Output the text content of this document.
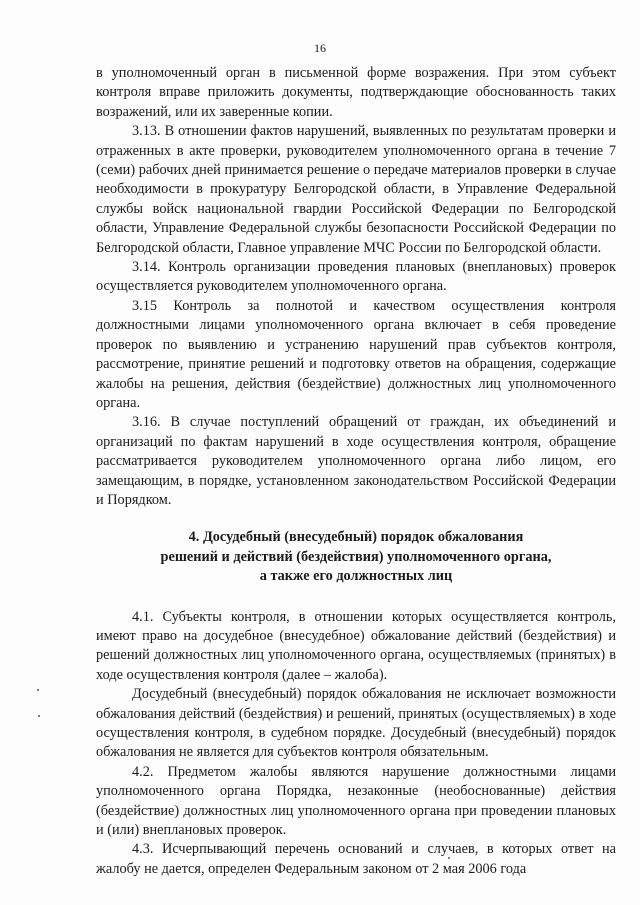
16

в уполномоченный орган в письменной форме возражения. При этом субъект контроля вправе приложить документы, подтверждающие обоснованность таких возражений, или их заверенные копии.

3.13. В отношении фактов нарушений, выявленных по результатам проверки и отраженных в акте проверки, руководителем уполномоченного органа в течение 7 (семи) рабочих дней принимается решение о передаче материалов проверки в случае необходимости в прокуратуру Белгородской области, в Управление Федеральной службы войск национальной гвардии Российской Федерации по Белгородской области, Управление Федеральной службы безопасности Российской Федерации по Белгородской области, Главное управление МЧС России по Белгородской области.

3.14. Контроль организации проведения плановых (внеплановых) проверок осуществляется руководителем уполномоченного органа.

3.15 Контроль за полнотой и качеством осуществления контроля должностными лицами уполномоченного органа включает в себя проведение проверок по выявлению и устранению нарушений прав субъектов контроля, рассмотрение, принятие решений и подготовку ответов на обращения, содержащие жалобы на решения, действия (бездействие) должностных лиц уполномоченного органа.

3.16. В случае поступлений обращений от граждан, их объединений и организаций по фактам нарушений в ходе осуществления контроля, обращение рассматривается руководителем уполномоченного органа либо лицом, его замещающим, в порядке, установленном законодательством Российской Федерации и Порядком.

4. Досудебный (внесудебный) порядок обжалования
решений и действий (бездействия) уполномоченного органа,
а также его должностных лиц

4.1. Субъекты контроля, в отношении которых осуществляется контроль, имеют право на досудебное (внесудебное) обжалование действий (бездействия) и решений должностных лиц уполномоченного органа, осуществляемых (принятых) в ходе осуществления контроля (далее – жалоба).

Досудебный (внесудебный) порядок обжалования не исключает возможности обжалования действий (бездействия) и решений, принятых (осуществляемых) в ходе осуществления контроля, в судебном порядке. Досудебный (внесудебный) порядок обжалования не является для субъектов контроля обязательным.

4.2. Предметом жалобы являются нарушение должностными лицами уполномоченного органа Порядка, незаконные (необоснованные) действия (бездействие) должностных лиц уполномоченного органа при проведении плановых и (или) внеплановых проверок.

4.3. Исчерпывающий перечень оснований и случаев, в которых ответ на жалобу не дается, определен Федеральным законом от 2 мая 2006 года
